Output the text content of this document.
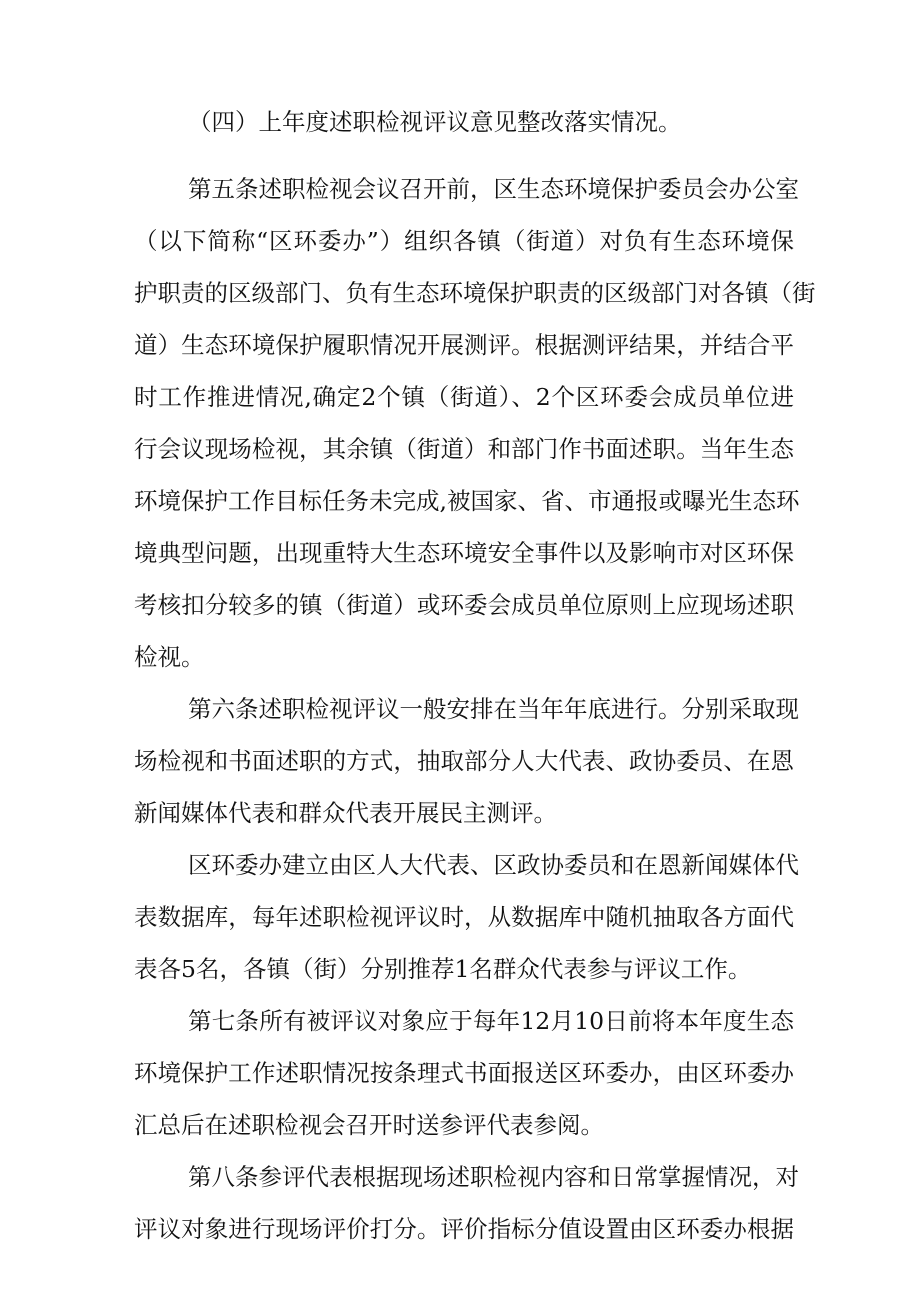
（四）上年度述职检视评议意见整改落实情况。
第五条述职检视会议召开前，区生态环境保护委员会办公室
（以下简称“区环委办”）组织各镇（街道）对负有生态环境保
护职责的区级部门、负有生态环境保护职责的区级部门对各镇（街
道）生态环境保护履职情况开展测评。根据测评结果，并结合平
时工作推进情况,确定2个镇（街道）、2个区环委会成员单位进
行会议现场检视，其余镇（街道）和部门作书面述职。当年生态
环境保护工作目标任务未完成,被国家、省、市通报或曝光生态环
境典型问题，出现重特大生态环境安全事件以及影响市对区环保
考核扣分较多的镇（街道）或环委会成员单位原则上应现场述职
检视。
第六条述职检视评议一般安排在当年年底进行。分别采取现
场检视和书面述职的方式，抽取部分人大代表、政协委员、在恩
新闻媒体代表和群众代表开展民主测评。
区环委办建立由区人大代表、区政协委员和在恩新闻媒体代
表数据库，每年述职检视评议时，从数据库中随机抽取各方面代
表各5名，各镇（街）分别推荐1名群众代表参与评议工作。
第七条所有被评议对象应于每年12月10日前将本年度生态
环境保护工作述职情况按条理式书面报送区环委办，由区环委办
汇总后在述职检视会召开时送参评代表参阅。
第八条参评代表根据现场述职检视内容和日常掌握情况，对
评议对象进行现场评价打分。评价指标分值设置由区环委办根据
